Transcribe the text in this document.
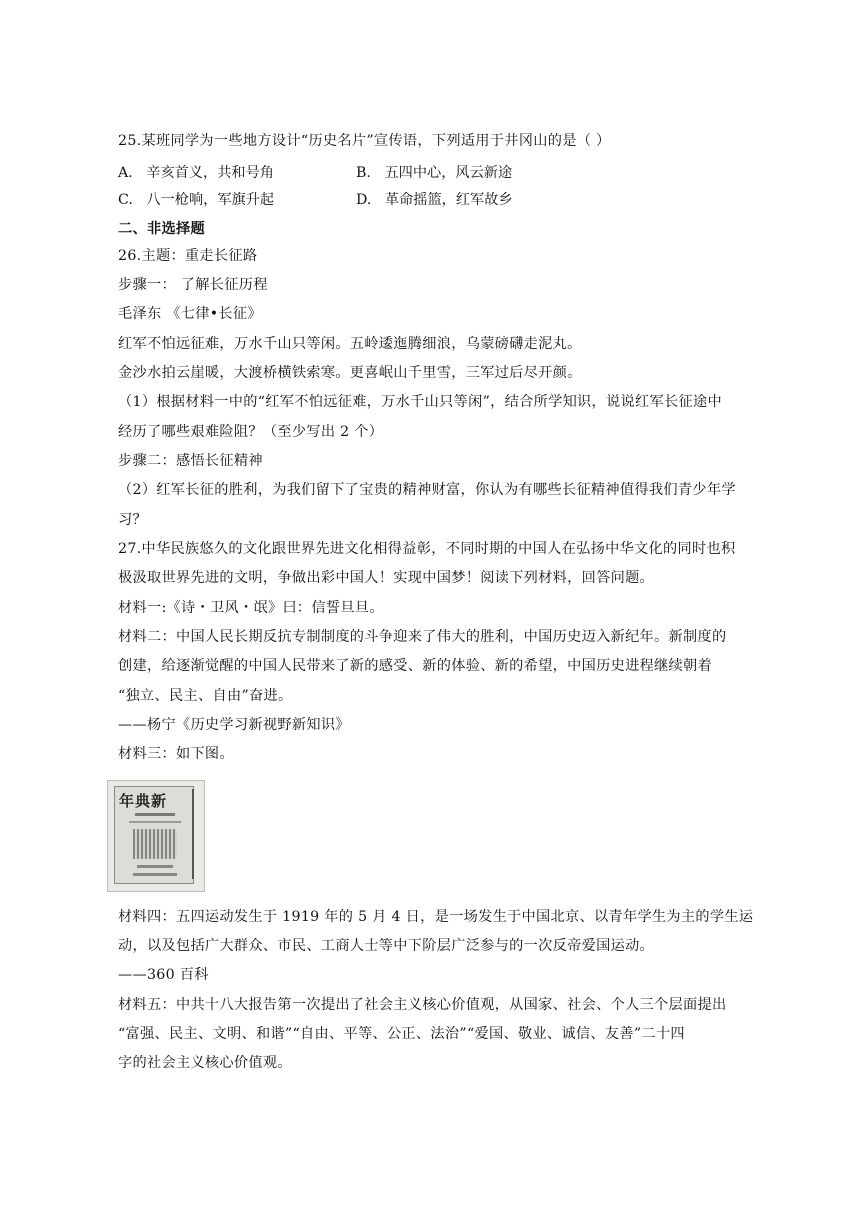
25.某班同学为一些地方设计“历史名片”宣传语，下列适用于井冈山的是（ ）
A. 辛亥首义，共和号角	B. 五四中心，风云新途
C. 八一枪响，军旗升起	D. 革命摇篮，红军故乡
二、非选择题
26.主题：重走长征路
步骤一： 了解长征历程
毛泽东 《七律•长征》
红军不怕远征难，万水千山只等闲。五岭逶迤腾细浪，乌蒙磅礴走泥丸。
金沙水拍云崖暖，大渡桥横铁索寒。更喜岷山千里雪，三军过后尽开颜。
（1）根据材料一中的“红军不怕远征难，万水千山只等闲”，结合所学知识，说说红军长征途中
经历了哪些艰难险阻？（至少写出 2 个）
步骤二：感悟长征精神
（2）红军长征的胜利，为我们留下了宝贵的精神财富，你认为有哪些长征精神值得我们青少年学
习？
27.中华民族悠久的文化跟世界先进文化相得益彰，不同时期的中国人在弘扬中华文化的同时也积
极汲取世界先进的文明，争做出彩中国人！实现中国梦！阅读下列材料，回答问题。
材料一:《诗・卫风・氓》曰：信誓旦旦。
材料二：中国人民长期反抗专制制度的斗争迎来了伟大的胜利，中国历史迈入新纪年。新制度的
创建，给逐渐觉醒的中国人民带来了新的感受、新的体验、新的希望，中国历史进程继续朝着
“独立、民主、自由”奋进。
——杨宁《历史学习新视野新知识》
材料三：如下图。
年典新
材料四：五四运动发生于 1919 年的 5 月 4 日，是一场发生于中国北京、以青年学生为主的学生运
动，以及包括广大群众、市民、工商人士等中下阶层广泛参与的一次反帝爱国运动。
——360 百科
材料五：中共十八大报告第一次提出了社会主义核心价值观，从国家、社会、个人三个层面提出
“富强、民主、文明、和谐”“自由、平等、公正、法治”“爱国、敬业、诚信、友善”二十四
字的社会主义核心价值观。
